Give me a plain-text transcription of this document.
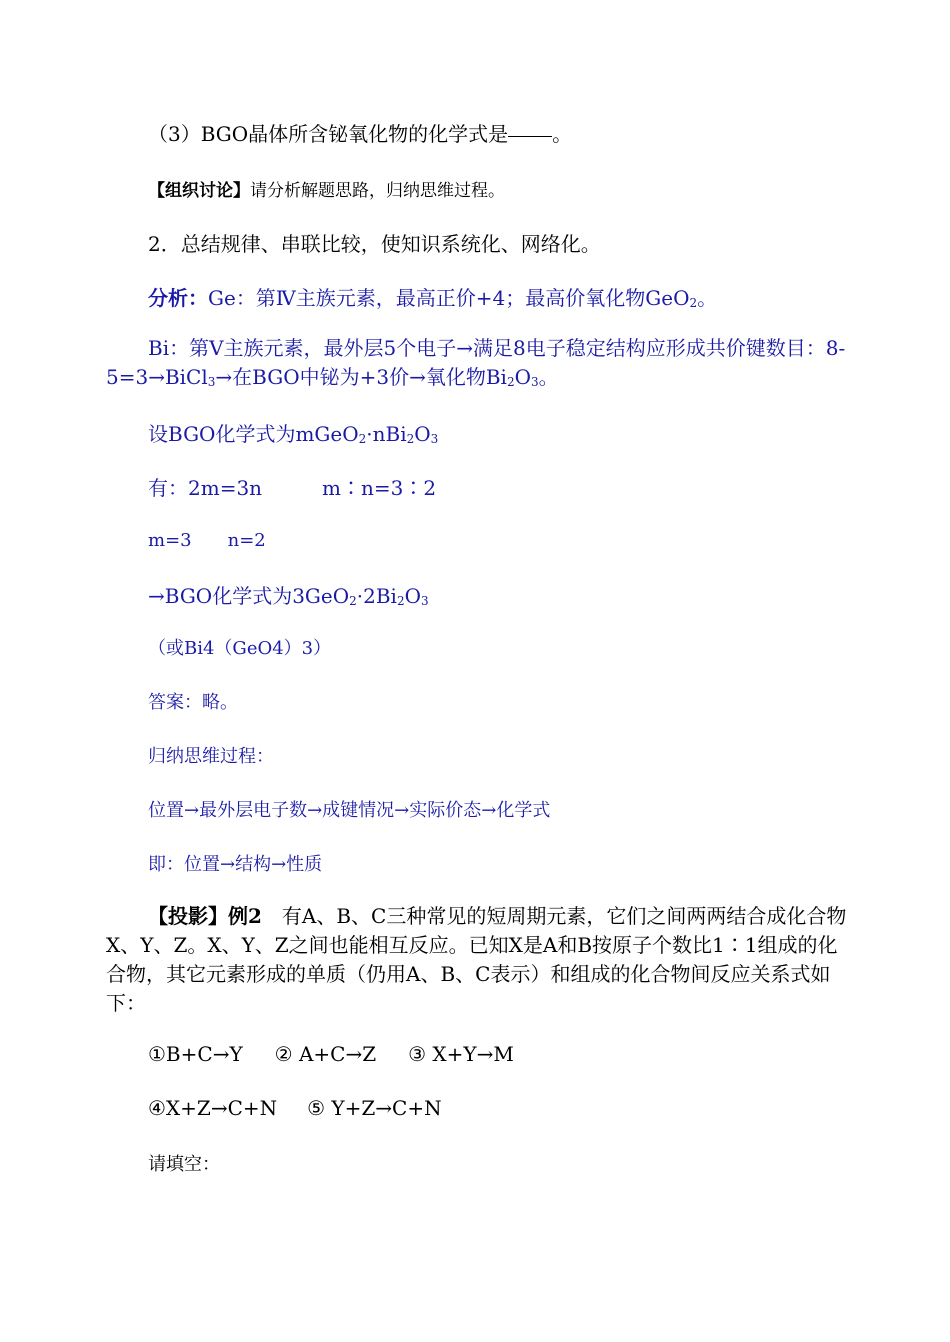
（3）BGO晶体所含铋氧化物的化学式是 。
【组织讨论】请分析解题思路，归纳思维过程。
2．总结规律、串联比较，使知识系统化、网络化。
分析：Ge：第Ⅳ主族元素，最高正价+4；最高价氧化物GeO$_2$。
Bi：第Ⅴ主族元素，最外层5个电子→满足8电子稳定结构应形成共价键数目：8-5=3→BiCl$_3$→在BGO中铋为+3价→氧化物$Bi_2O_3$。
设BGO化学式为$mGeO_2\cdot nBi_2O_3$
有：2m=3n　　　m∶n=3∶2
m=3　　n=2
→BGO化学式为$3GeO_2\cdot 2Bi_2O_3$
（或Bi4（GeO4）3）
答案：略。
归纳思维过程：
位置→最外层电子数→成键情况→实际价态→化学式
即：位置→结构→性质
【投影】例2　 有A、B、C三种常见的短周期元素，它们之间两两结合成化合物X、Y、Z。X、Y、Z之间也能相互反应。已知X是A和B按原子个数比1∶1组成的化合物，其它元素形成的单质（仍用A、B、C表示）和组成的化合物间反应关系式如下：
①B+C→Y ② A+C→Z ③ X+Y→M
④X+Z→C+N ⑤ Y+Z→C+N
请填空：
